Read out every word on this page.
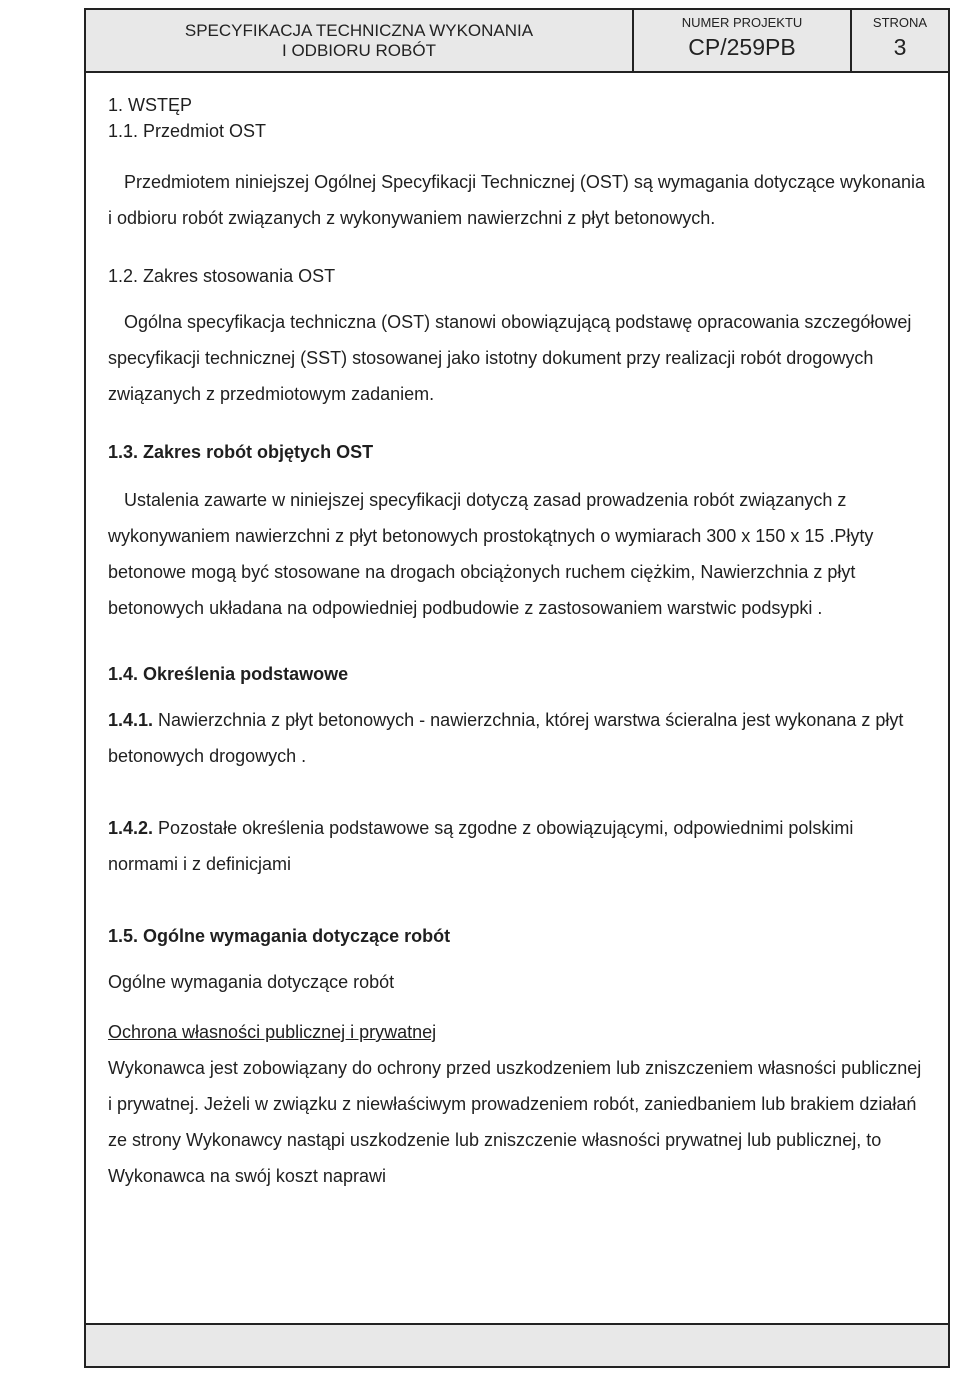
SPECYFIKACJA TECHNICZNA WYKONANIA
I ODBIORU ROBÓT
NUMER PROJEKTU
CP/259PB
STRONA
3

1. WSTĘP

1.1. Przedmiot OST

Przedmiotem niniejszej Ogólnej Specyfikacji Technicznej (OST) są wymagania dotyczące wykonania i odbioru robót związanych z wykonywaniem nawierzchni z płyt betonowych.

1.2. Zakres stosowania OST

Ogólna specyfikacja techniczna (OST) stanowi obowiązującą podstawę opracowania szczegółowej specyfikacji technicznej (SST) stosowanej jako istotny dokument przy realizacji robót drogowych związanych z przedmiotowym zadaniem.

1.3. Zakres robót objętych OST

Ustalenia zawarte w niniejszej specyfikacji dotyczą zasad prowadzenia robót związanych z wykonywaniem nawierzchni z płyt betonowych prostokątnych o wymiarach 300 x 150 x 15 .Płyty betonowe mogą być stosowane na drogach obciążonych ruchem ciężkim, Nawierzchnia z płyt betonowych układana na odpowiedniej podbudowie z zastosowaniem warstwic podsypki .

1.4. Określenia podstawowe

1.4.1. Nawierzchnia z płyt betonowych - nawierzchnia, której warstwa ścieralna jest wykonana z płyt betonowych drogowych .

1.4.2. Pozostałe określenia podstawowe są zgodne z obowiązującymi, odpowiednimi polskimi normami i z definicjami

1.5. Ogólne wymagania dotyczące robót

Ogólne wymagania dotyczące robót

Ochrona własności publicznej i prywatnej

Wykonawca jest zobowiązany do ochrony przed uszkodzeniem lub zniszczeniem własności publicznej i prywatnej. Jeżeli w związku z niewłaściwym prowadzeniem robót, zaniedbaniem lub brakiem działań ze strony Wykonawcy nastąpi uszkodzenie lub zniszczenie własności prywatnej lub publicznej, to Wykonawca na swój koszt naprawi
